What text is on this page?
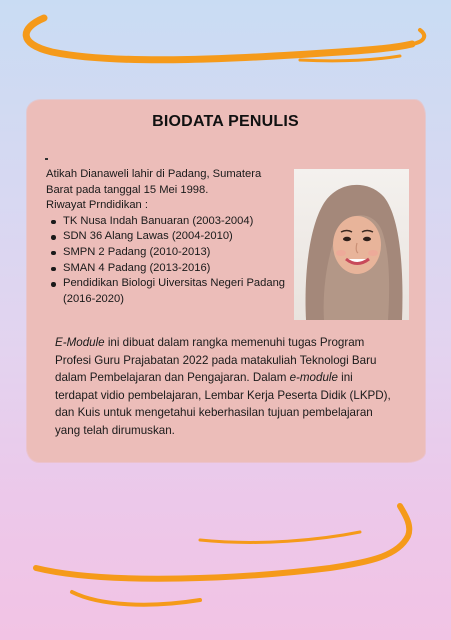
BIODATA PENULIS

Atikah Dianaweli lahir di Padang, Sumatera Barat pada tanggal 15 Mei 1998.

Riwayat Prndidikan :

TK Nusa Indah Banuaran (2003-2004)
SDN 36 Alang Lawas (2004-2010)
SMPN 2 Padang (2010-2013)
SMAN 4 Padang (2013-2016)
Pendidikan Biologi Uiversitas Negeri Padang (2016-2020)
E-Module ini dibuat dalam rangka memenuhi tugas Program Profesi Guru Prajabatan 2022 pada matakuliah Teknologi Baru dalam Pembelajaran dan Pengajaran. Dalam e-module ini terdapat vidio pembelajaran, Lembar Kerja Peserta Didik (LKPD), dan Kuis untuk mengetahui keberhasilan tujuan pembelajaran yang telah dirumuskan.
